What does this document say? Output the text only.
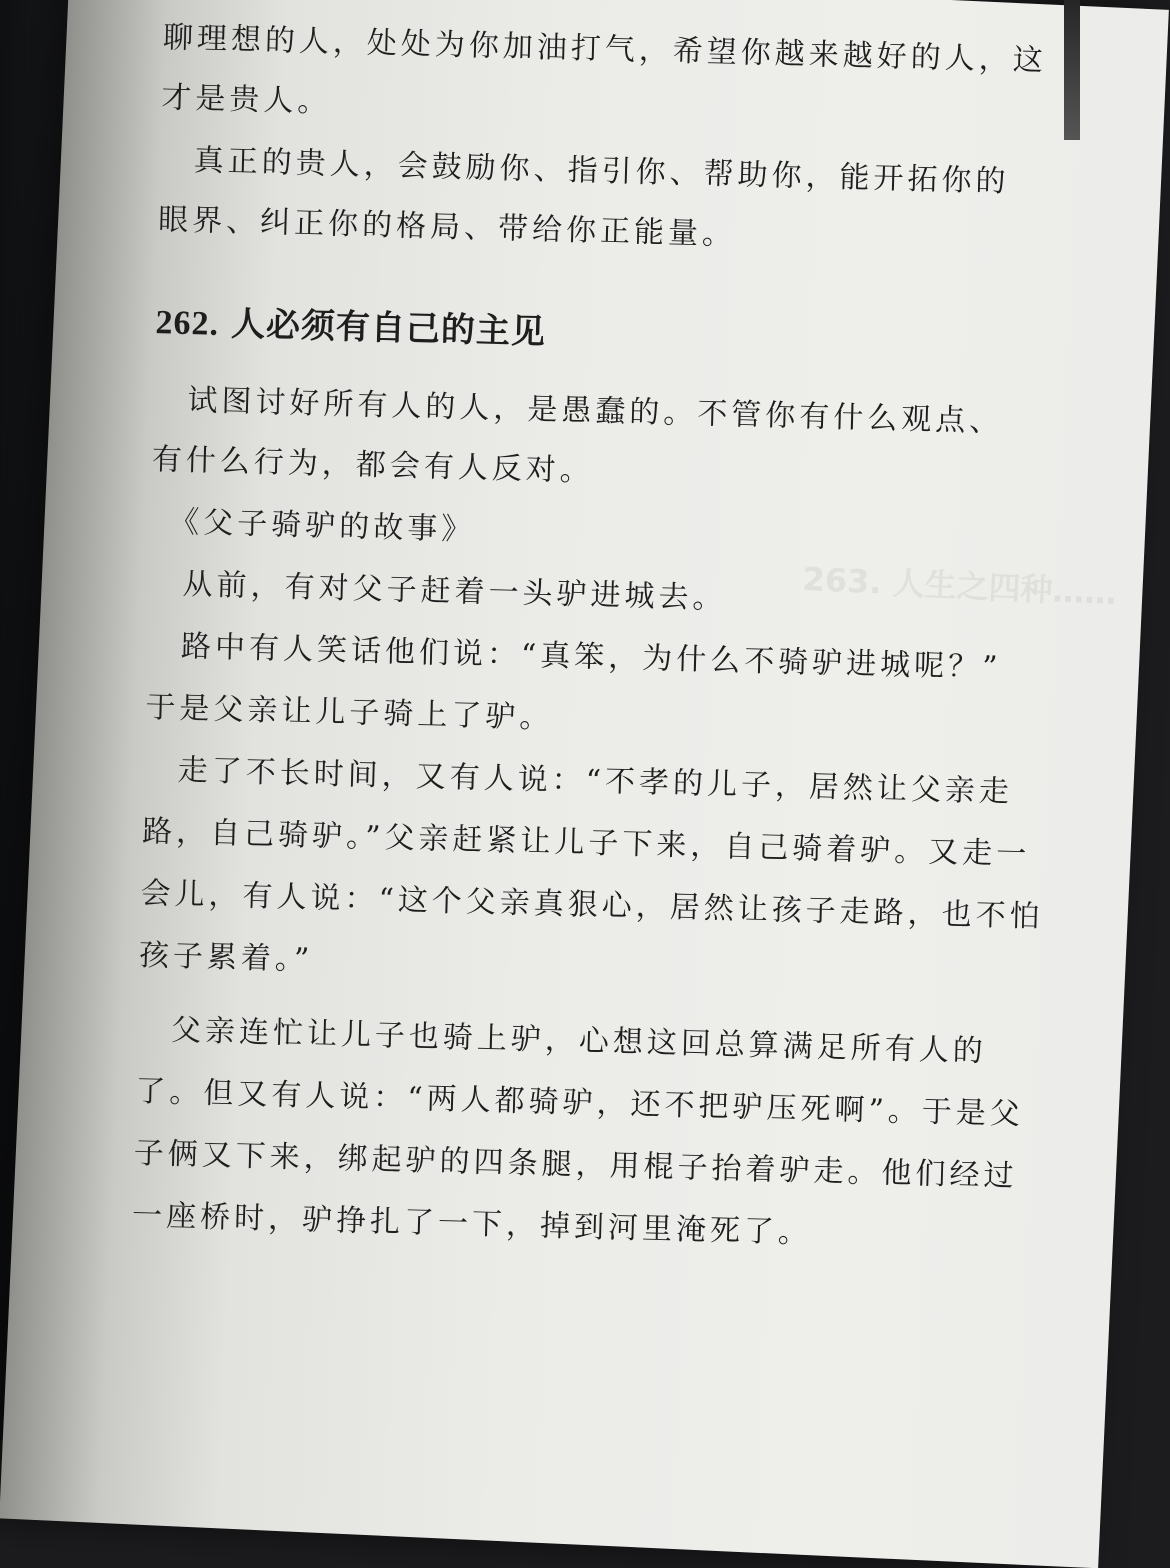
263. 人生之四种……
聊理想的人，处处为你加油打气，希望你越来越好的人，这
才是贵人。
　真正的贵人，会鼓励你、指引你、帮助你，能开拓你的
眼界、纠正你的格局、带给你正能量。
262. 人必须有自己的主见
　试图讨好所有人的人，是愚蠢的。不管你有什么观点、
有什么行为，都会有人反对。
　《父子骑驴的故事》
　从前，有对父子赶着一头驴进城去。
　路中有人笑话他们说：“真笨，为什么不骑驴进城呢？”
于是父亲让儿子骑上了驴。
　走了不长时间，又有人说：“不孝的儿子，居然让父亲走
路，自己骑驴。”父亲赶紧让儿子下来，自己骑着驴。又走一
会儿，有人说：“这个父亲真狠心，居然让孩子走路，也不怕
孩子累着。”
　父亲连忙让儿子也骑上驴，心想这回总算满足所有人的
了。但又有人说：“两人都骑驴，还不把驴压死啊”。于是父
子俩又下来，绑起驴的四条腿，用棍子抬着驴走。他们经过
一座桥时，驴挣扎了一下，掉到河里淹死了。
